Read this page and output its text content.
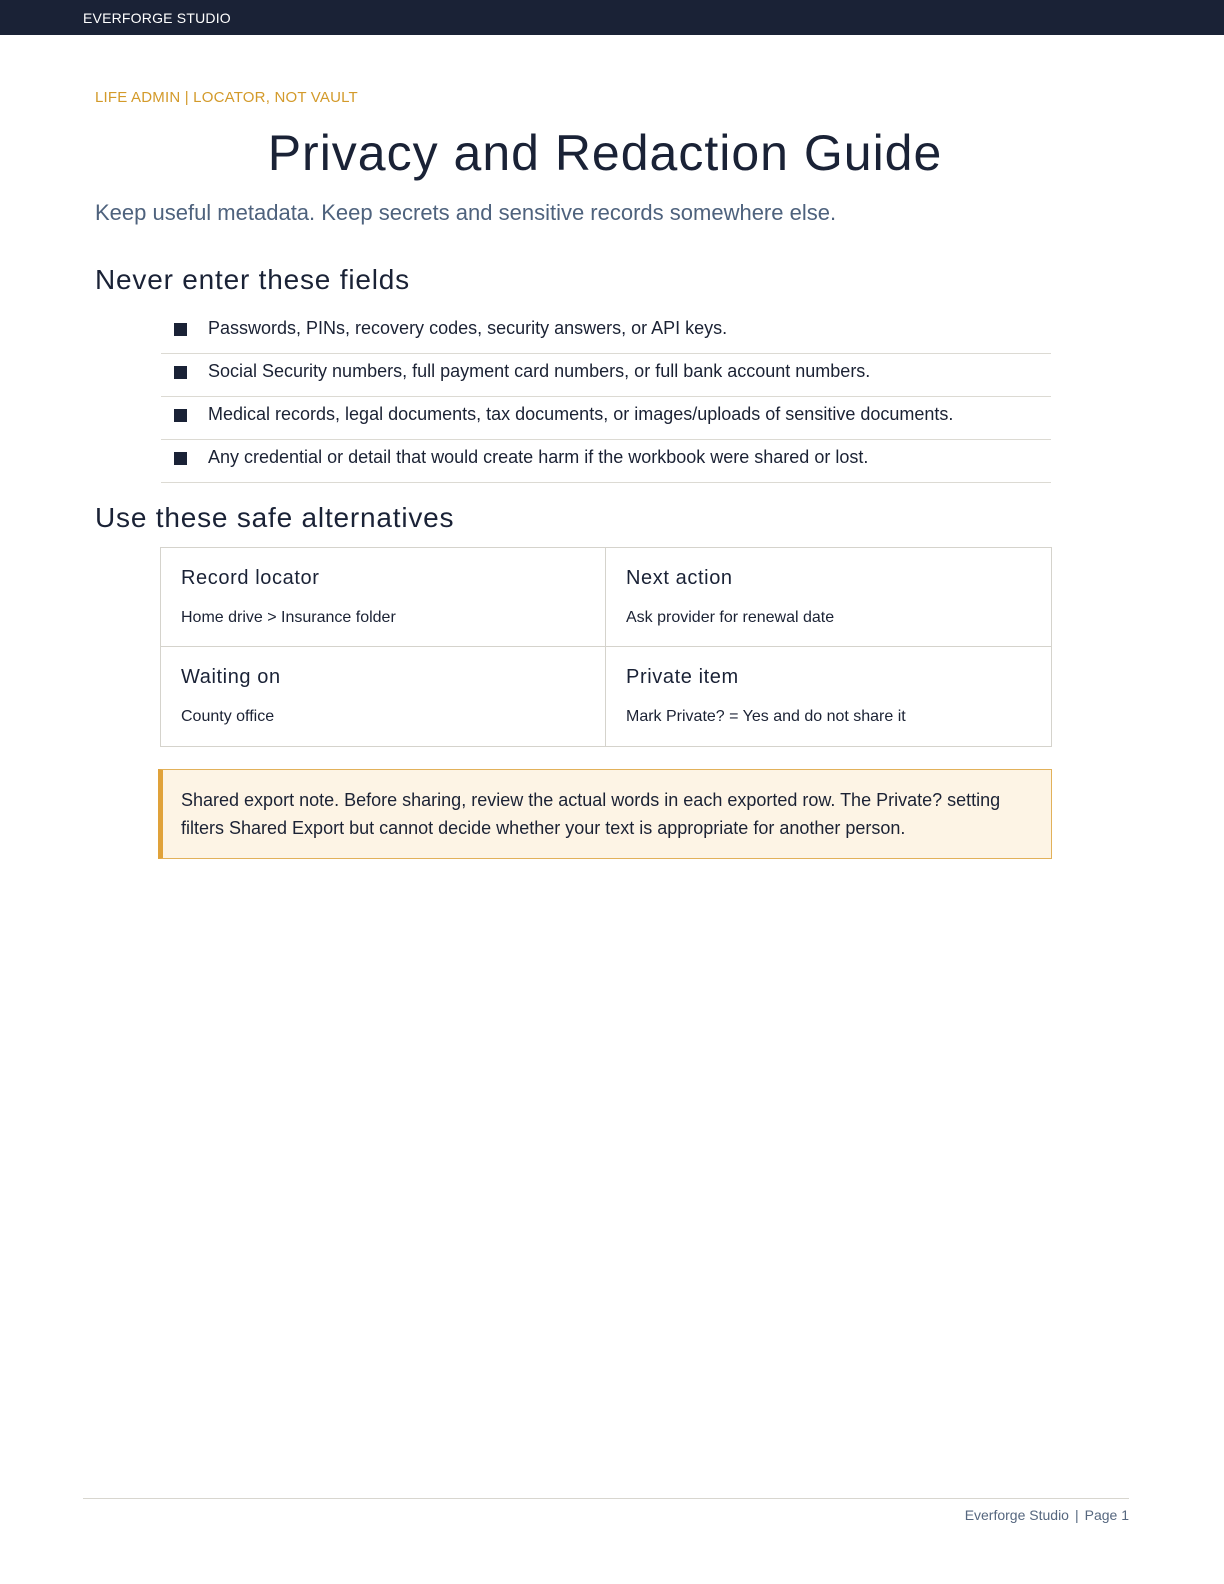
EVERFORGE STUDIO
LIFE ADMIN | LOCATOR, NOT VAULT
Privacy and Redaction Guide

Keep useful metadata. Keep secrets and sensitive records somewhere else.

Never enter these fields
Passwords, PINs, recovery codes, security answers, or API keys.
Social Security numbers, full payment card numbers, or full bank account numbers.
Medical records, legal documents, tax documents, or images/uploads of sensitive documents.
Any credential or detail that would create harm if the workbook were shared or lost.
Use these safe alternatives
Record locator
Home drive > Insurance folder
Next action
Ask provider for renewal date
Waiting on
County office
Private item
Mark Private? = Yes and do not share it
Shared export note. Before sharing, review the actual words in each exported row. The Private? setting filters Shared Export but cannot decide whether your text is appropriate for another person.
Everforge Studio | Page 1
